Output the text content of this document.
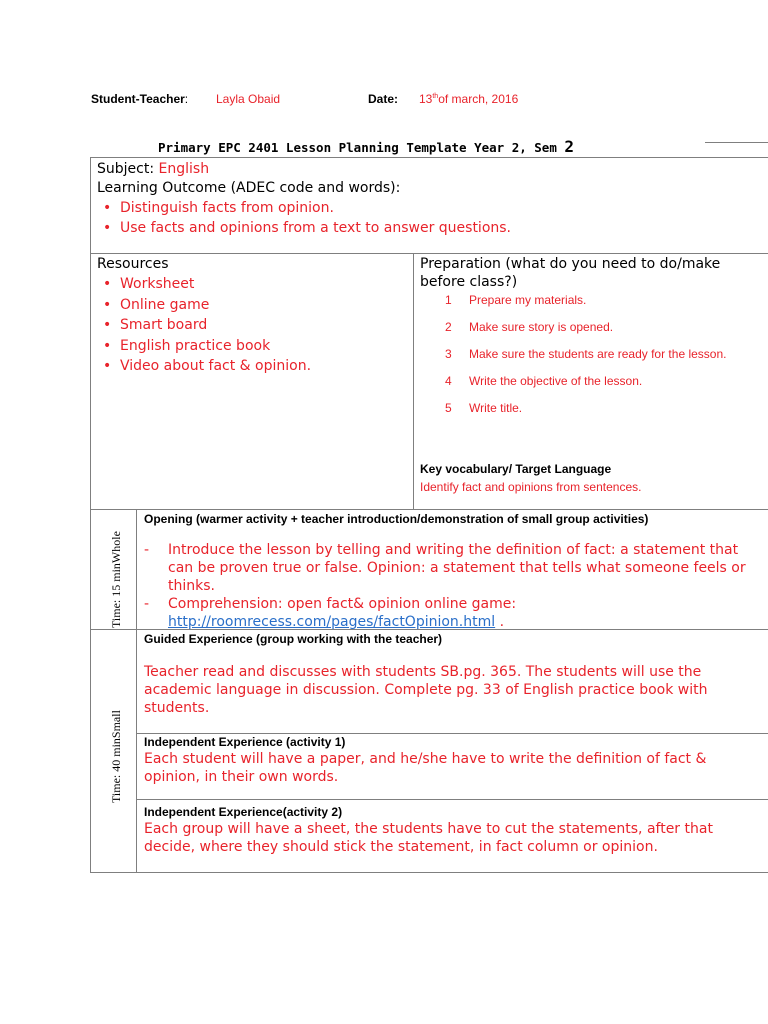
Student-Teacher: Layla Obaid	Date: 13thof march, 2016
Primary EPC 2401 Lesson Planning Template Year 2, Sem 2
Subject: English
Learning Outcome (ADEC code and words):
• Distinguish facts from opinion.
• Use facts and opinions from a text to answer questions.
Resources
• Worksheet
• Online game
• Smart board
• English practice book
• Video about fact & opinion.
Preparation (what do you need to do/make before class?)
1 Prepare my materials.
2 Make sure story is opened.
3 Make sure the students are ready for the lesson.
4 Write the objective of the lesson.
5 Write title.
Key vocabulary/ Target Language
Identify fact and opinions from sentences.
Time: 15 minWhole
Opening (warmer activity + teacher introduction/demonstration of small group activities)
- Introduce the lesson by telling and writing the definition of fact: a statement that can be proven true or false. Opinion: a statement that tells what someone feels or thinks.
- Comprehension: open fact& opinion online game:
http://roomrecess.com/pages/factOpinion.html .
Time: 40 minSmall
Guided Experience (group working with the teacher)
Teacher read and discusses with students SB.pg. 365. The students will use the academic language in discussion. Complete pg. 33 of English practice book with students.
Independent Experience (activity 1)
Each student will have a paper, and he/she have to write the definition of fact & opinion, in their own words.
Independent Experience(activity 2)
Each group will have a sheet, the students have to cut the statements, after that decide, where they should stick the statement, in fact column or opinion.
